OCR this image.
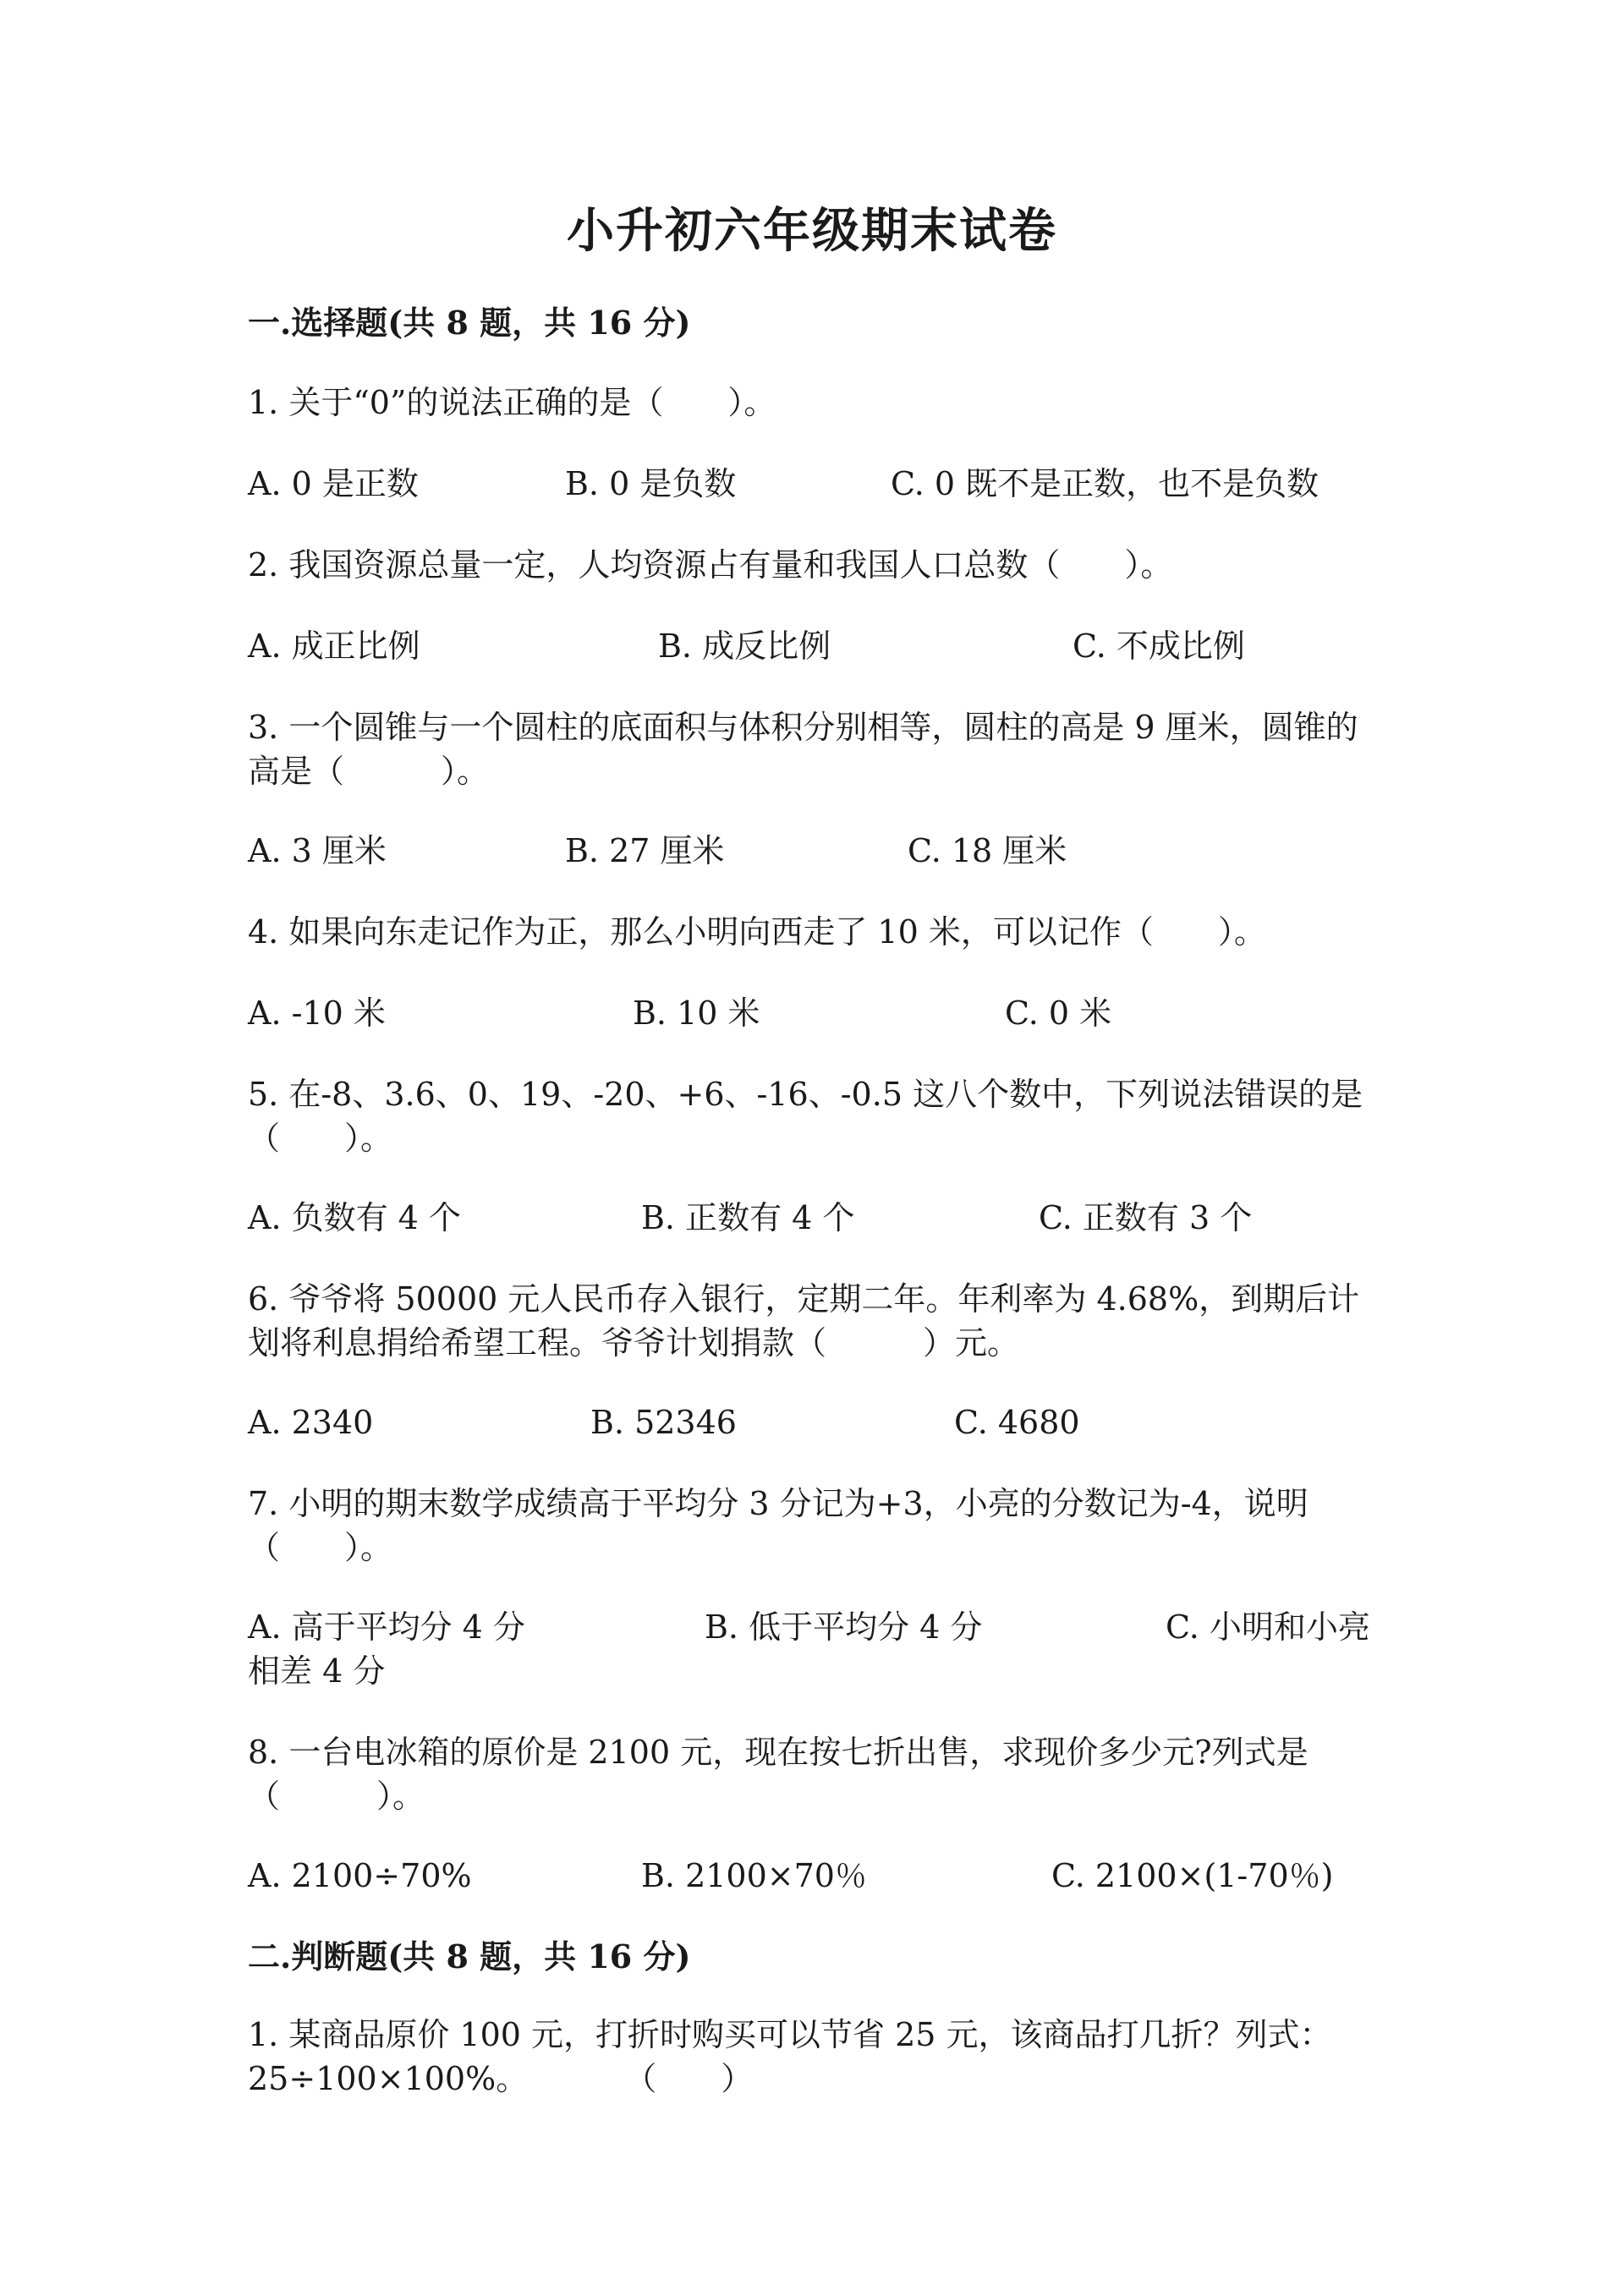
小升初六年级期末试卷
一.选择题(共 8 题，共 16 分)
1. 关于“0”的说法正确的是（　　）。
A. 0 是正数	B. 0 是负数	C. 0 既不是正数，也不是负数
2. 我国资源总量一定，人均资源占有量和我国人口总数（　　）。
A. 成正比例	B. 成反比例	C. 不成比例
3. 一个圆锥与一个圆柱的底面积与体积分别相等，圆柱的高是 9 厘米，圆锥的高是（　　　）。
A. 3 厘米	B. 27 厘米	C. 18 厘米
4. 如果向东走记作为正，那么小明向西走了 10 米，可以记作（　　）。
A. -10 米	B. 10 米	C. 0 米
5. 在-8、3.6、0、19、-20、+6、-16、-0.5 这八个数中，下列说法错误的是（　　）。
A. 负数有 4 个	B. 正数有 4 个	C. 正数有 3 个
6. 爷爷将 50000 元人民币存入银行，定期二年。年利率为 4.68%，到期后计划将利息捐给希望工程。爷爷计划捐款（　　　）元。
A. 2340	B. 52346	C. 4680
7. 小明的期末数学成绩高于平均分 3 分记为+3，小亮的分数记为-4，说明（　　）。
A. 高于平均分 4 分	B. 低于平均分 4 分	C. 小明和小亮
相差 4 分
8. 一台电冰箱的原价是 2100 元，现在按七折出售，求现价多少元?列式是（　　　）。
A. 2100÷70%	B. 2100×70％	C. 2100×(1-70％)
二.判断题(共 8 题，共 16 分)
1. 某商品原价 100 元，打折时购买可以节省 25 元，该商品打几折？列式：25÷100×100%。　　　　（　　）
